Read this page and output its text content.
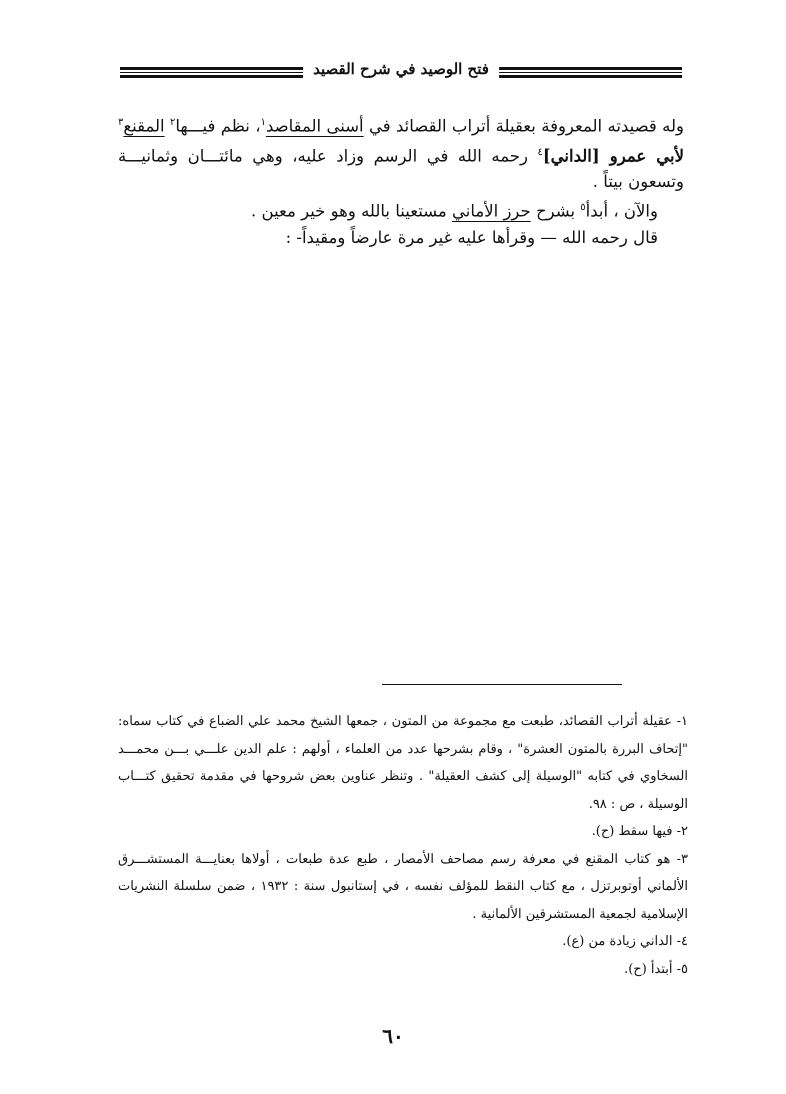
فتح الوصيد في شرح القصيد

وله قصيدته المعروفة بعقيلة أتراب القصائد في أسنى المقاصد$^١$، نظم فيـــها$^٢$ المقنع$^٣$ لأبي عمرو [الداني]$^٤$ رحمه الله في الرسم وزاد عليه، وهي مائتـــان وثمانيـــة وتسعون بيتاً .

والآن ، أبدأ$^٥$ بشرح حرز الأماني مستعينا بالله وهو خير معين .

قال رحمه الله — وقرأها عليه غير مرة عارضاً ومقيداً- :

١- عقيلة أتراب القصائد، طبعت مع مجموعة من المتون ، جمعها الشيخ محمد علي الضباع في كتاب سماه: "إتحاف البررة بالمتون العشرة" ، وقام بشرحها عدد من العلماء ، أولهم : علم الدين علـــي بـــن محمـــد السخاوي في كتابه "الوسيلة إلى كشف العقيلة" . وتنظر عناوين بعض شروحها في مقدمة تحقيق كتـــاب الوسيلة ، ص : ٩٨.

٢- فيها سقط (ح).

٣- هو كتاب المقنع في معرفة رسم مصاحف الأمصار ، طبع عدة طبعات ، أولاها بعنايـــة المستشـــرق الألماني أوتوبرتزل ، مع كتاب النقط للمؤلف نفسه ، في إستانبول سنة : ١٩٣٢ ، ضمن سلسلة النشريات الإسلامية لجمعية المستشرقين الألمانية .

٤- الداني زيادة من (ع).

٥- أبتدأ (ح).

٦٠
